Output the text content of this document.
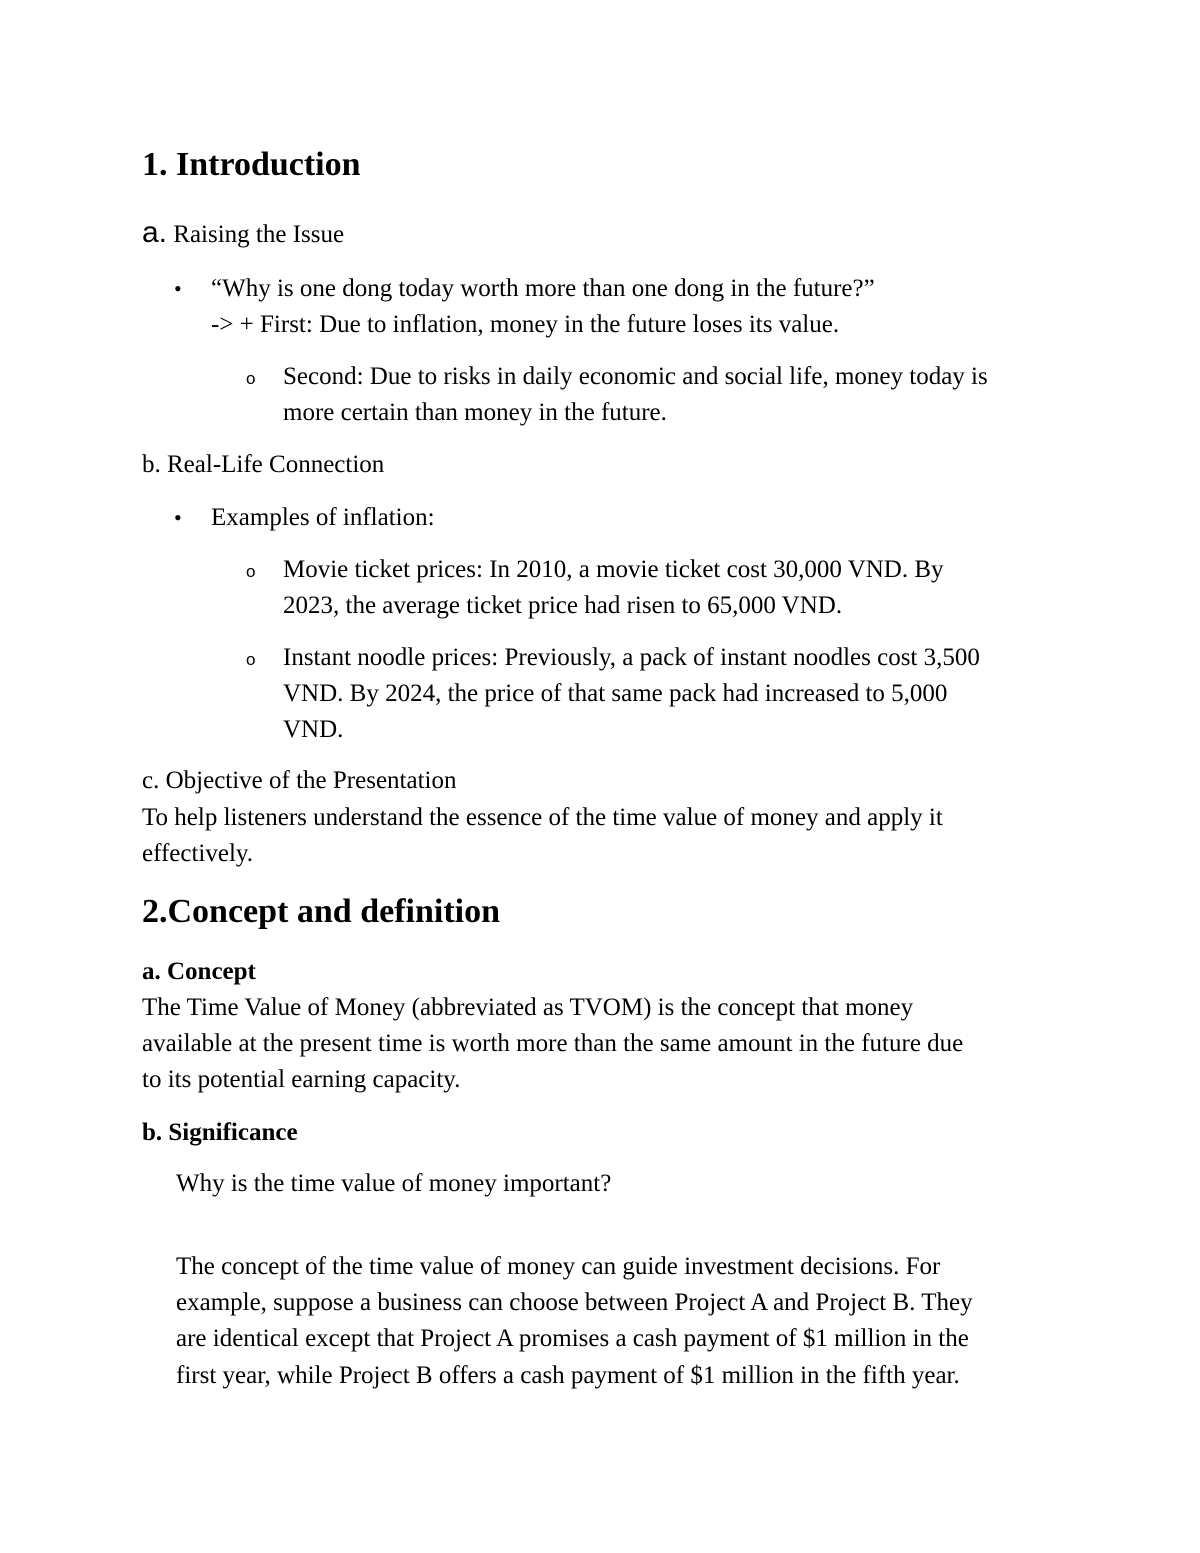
1. Introduction
a. Raising the Issue
• “Why is one dong today worth more than one dong in the future?”
-> + First: Due to inflation, money in the future loses its value.
o Second: Due to risks in daily economic and social life, money today is
more certain than money in the future.
b. Real-Life Connection
• Examples of inflation:
o Movie ticket prices: In 2010, a movie ticket cost 30,000 VND. By
2023, the average ticket price had risen to 65,000 VND.
o Instant noodle prices: Previously, a pack of instant noodles cost 3,500
VND. By 2024, the price of that same pack had increased to 5,000
VND.
c. Objective of the Presentation
To help listeners understand the essence of the time value of money and apply it
effectively.
2.Concept and definition
a. Concept
The Time Value of Money (abbreviated as TVOM) is the concept that money
available at the present time is worth more than the same amount in the future due
to its potential earning capacity.
b. Significance
Why is the time value of money important?
The concept of the time value of money can guide investment decisions. For
example, suppose a business can choose between Project A and Project B. They
are identical except that Project A promises a cash payment of $1 million in the
first year, while Project B offers a cash payment of $1 million in the fifth year.
